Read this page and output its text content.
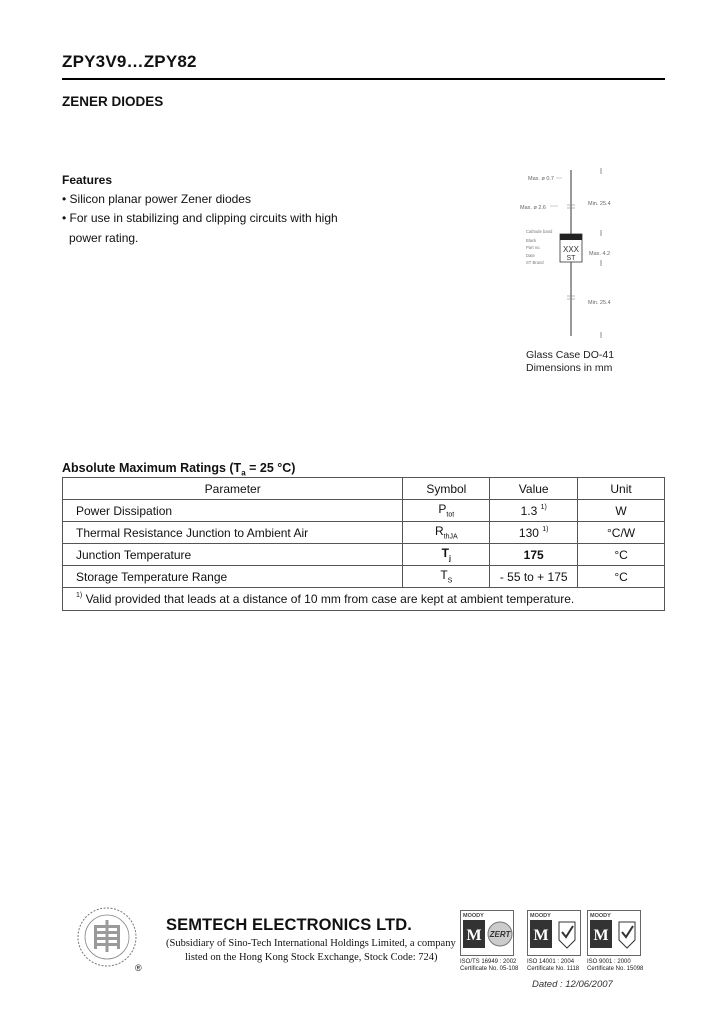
ZPY3V9…ZPY82
ZENER DIODES
Features
• Silicon planar power Zener diodes
• For use in stabilizing and clipping circuits with high
power rating.
Max. ø 0.7
Max. ø 2.6
Min. 25.4
Max. 4.2
Min. 25.4
Cathode band
Black
Part no.
Date
ST Brand
XXX
ST
Glass Case DO-41
Dimensions in mm
Absolute Maximum Ratings ($T_a = 25$ °C)
Parameter	Symbol	Value	Unit
Power Dissipation	$P_{tot}$	1.3 $^{1)}$	W
Thermal Resistance Junction to Ambient Air	$R_{thJA}$	130 $^{1)}$	°C/W
Junction Temperature	$T_j$	175	°C
Storage Temperature Range	$T_S$	- 55 to + 175	°C
$^{1)}$ Valid provided that leads at a distance of 10 mm from case are kept at ambient temperature.			
®
SEMTECH ELECTRONICS LTD.
(Subsidiary of Sino-Tech International Holdings Limited, a company
listed on the Hong Kong Stock Exchange, Stock Code: 724)
MOODY
M ZERT
MOODY
M
MOODY
M
ISO/TS 16949 : 2002
Certificate No. 05-108
ISO 14001 : 2004
Certificate No. 1118
ISO 9001 : 2000
Certificate No. 15098
Dated : 12/06/2007
